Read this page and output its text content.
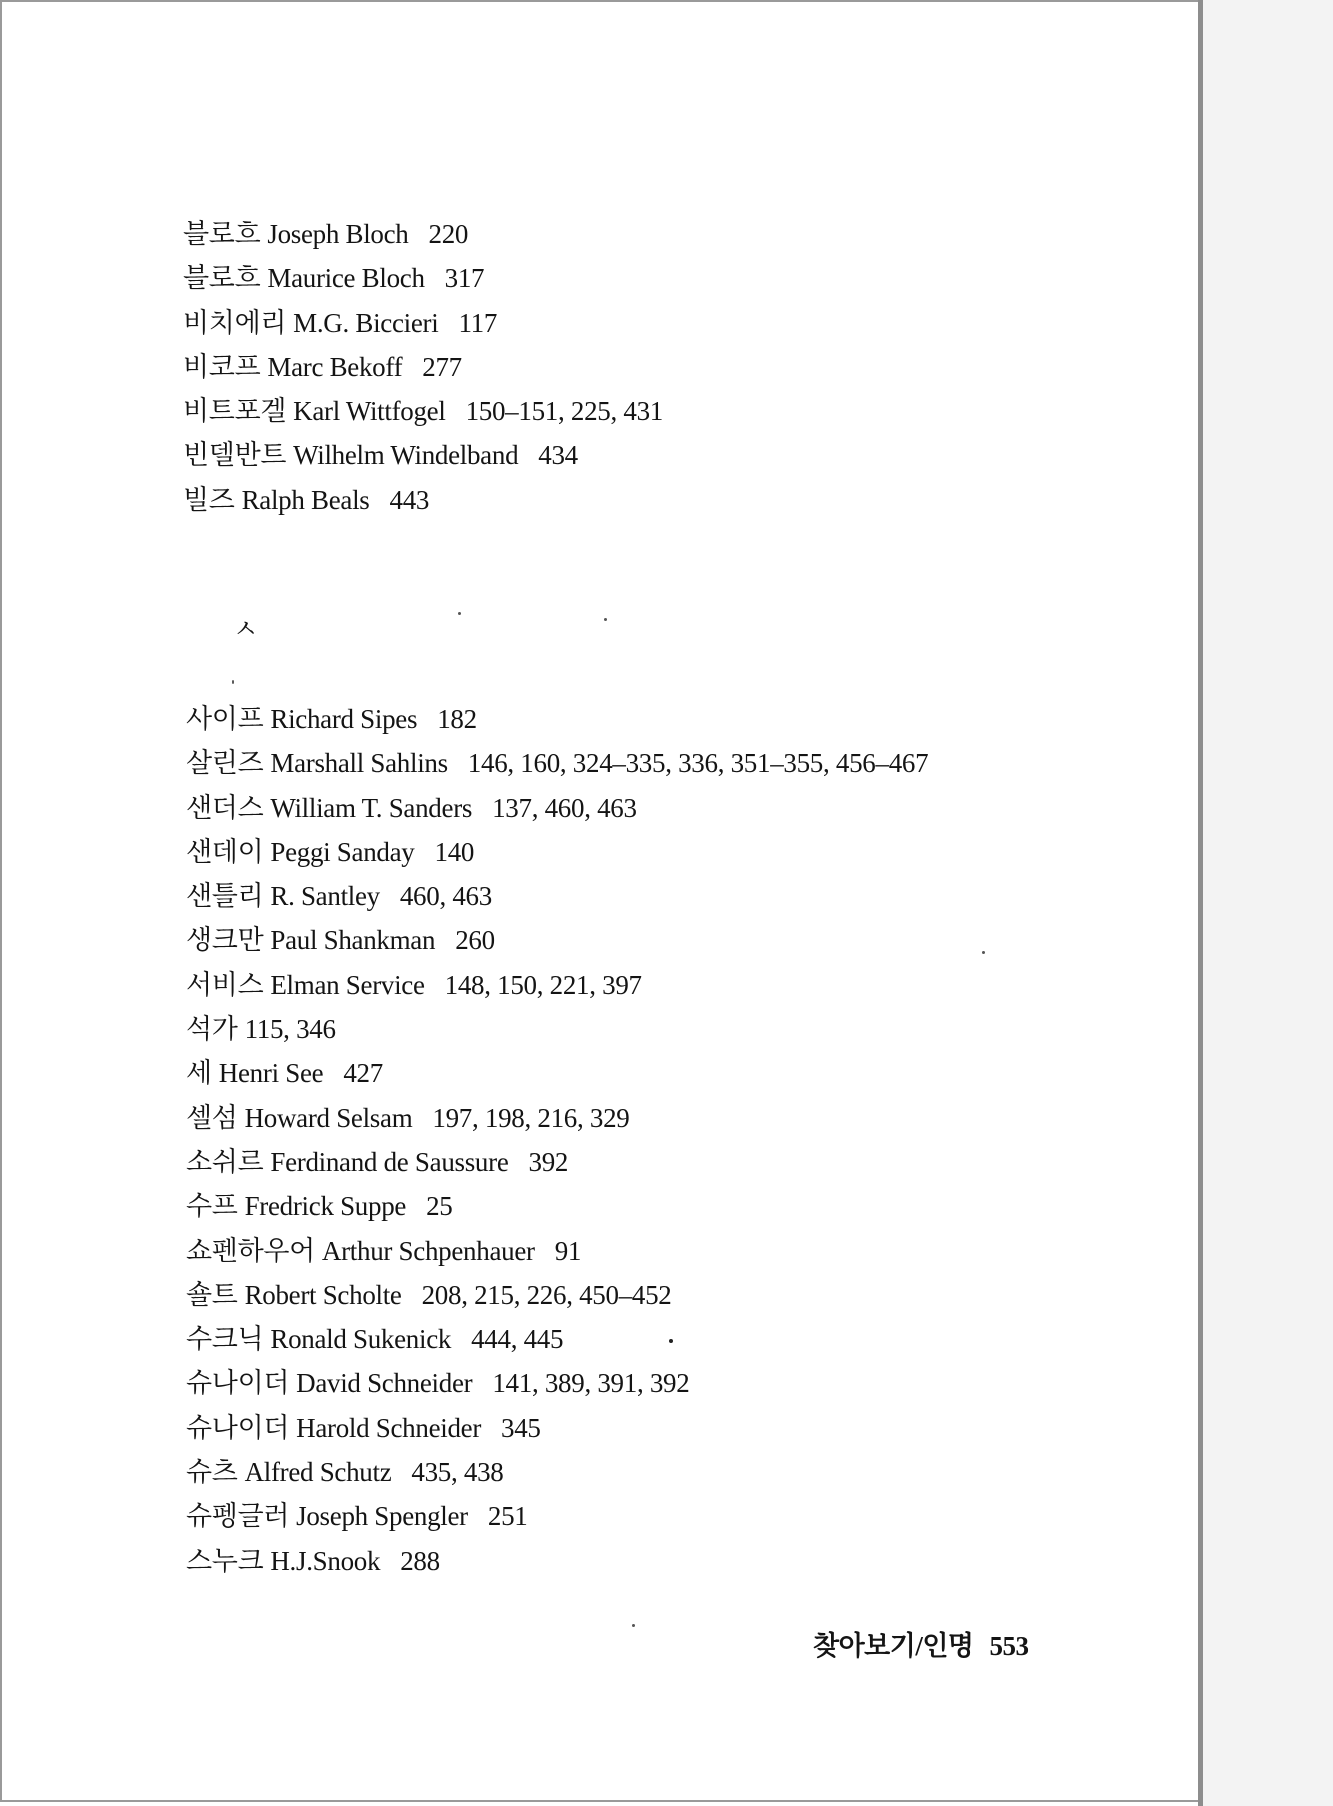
블로흐 Joseph Bloch 220
블로흐 Maurice Bloch 317
비치에리 M.G. Biccieri 117
비코프 Marc Bekoff 277
비트포겔 Karl Wittfogel 150–151, 225, 431
빈델반트 Wilhelm Windelband 434
빌즈 Ralph Beals 443
ㅅ
사이프 Richard Sipes 182
살린즈 Marshall Sahlins 146, 160, 324–335, 336, 351–355, 456–467
샌더스 William T. Sanders 137, 460, 463
샌데이 Peggi Sanday 140
샌틀리 R. Santley 460, 463
생크만 Paul Shankman 260
서비스 Elman Service 148, 150, 221, 397
석가 115, 346
세 Henri See 427
셀섬 Howard Selsam 197, 198, 216, 329
소쉬르 Ferdinand de Saussure 392
수프 Fredrick Suppe 25
쇼펜하우어 Arthur Schpenhauer 91
숄트 Robert Scholte 208, 215, 226, 450–452
수크닉 Ronald Sukenick 444, 445
슈나이더 David Schneider 141, 389, 391, 392
슈나이더 Harold Schneider 345
슈츠 Alfred Schutz 435, 438
슈펭글러 Joseph Spengler 251
스누크 H.J.Snook 288
찾아보기/인명 553
